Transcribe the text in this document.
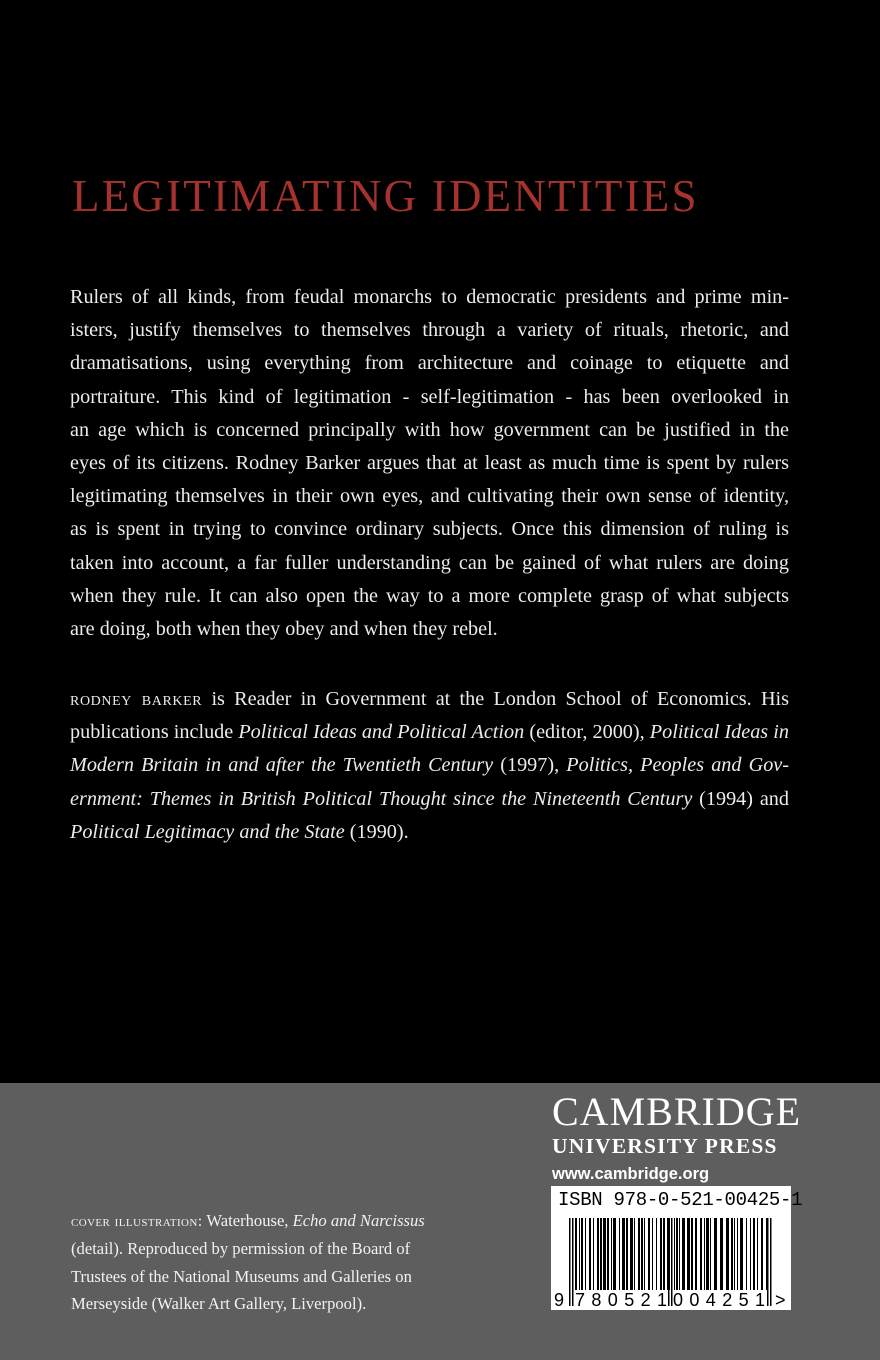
LEGITIMATING IDENTITIES
Rulers of all kinds, from feudal monarchs to democratic presidents and prime min-
isters, justify themselves to themselves through a variety of rituals, rhetoric, and
dramatisations, using everything from architecture and coinage to etiquette and
portraiture. This kind of legitimation - self-legitimation - has been overlooked in
an age which is concerned principally with how government can be justified in the
eyes of its citizens. Rodney Barker argues that at least as much time is spent by rulers
legitimating themselves in their own eyes, and cultivating their own sense of identity,
as is spent in trying to convince ordinary subjects. Once this dimension of ruling is
taken into account, a far fuller understanding can be gained of what rulers are doing
when they rule. It can also open the way to a more complete grasp of what subjects
are doing, both when they obey and when they rebel.

rodney barker is Reader in Government at the London School of Economics. His publications include Political Ideas and Political Action (editor, 2000), Political Ideas in Modern Britain in and after the Twentieth Century (1997), Politics, Peoples and Gov- ernment: Themes in British Political Thought since the Nineteenth Century (1994) and Political Legitimacy and the State (1990).

CAMBRIDGE
UNIVERSITY PRESS
www.cambridge.org
9 780521 004251 >
ISBN 978-0-521-00425-1

cover illustration: Waterhouse, Echo and Narcissus (detail). Reproduced by permission of the Board of Trustees of the National Museums and Galleries on Merseyside (Walker Art Gallery, Liverpool).
